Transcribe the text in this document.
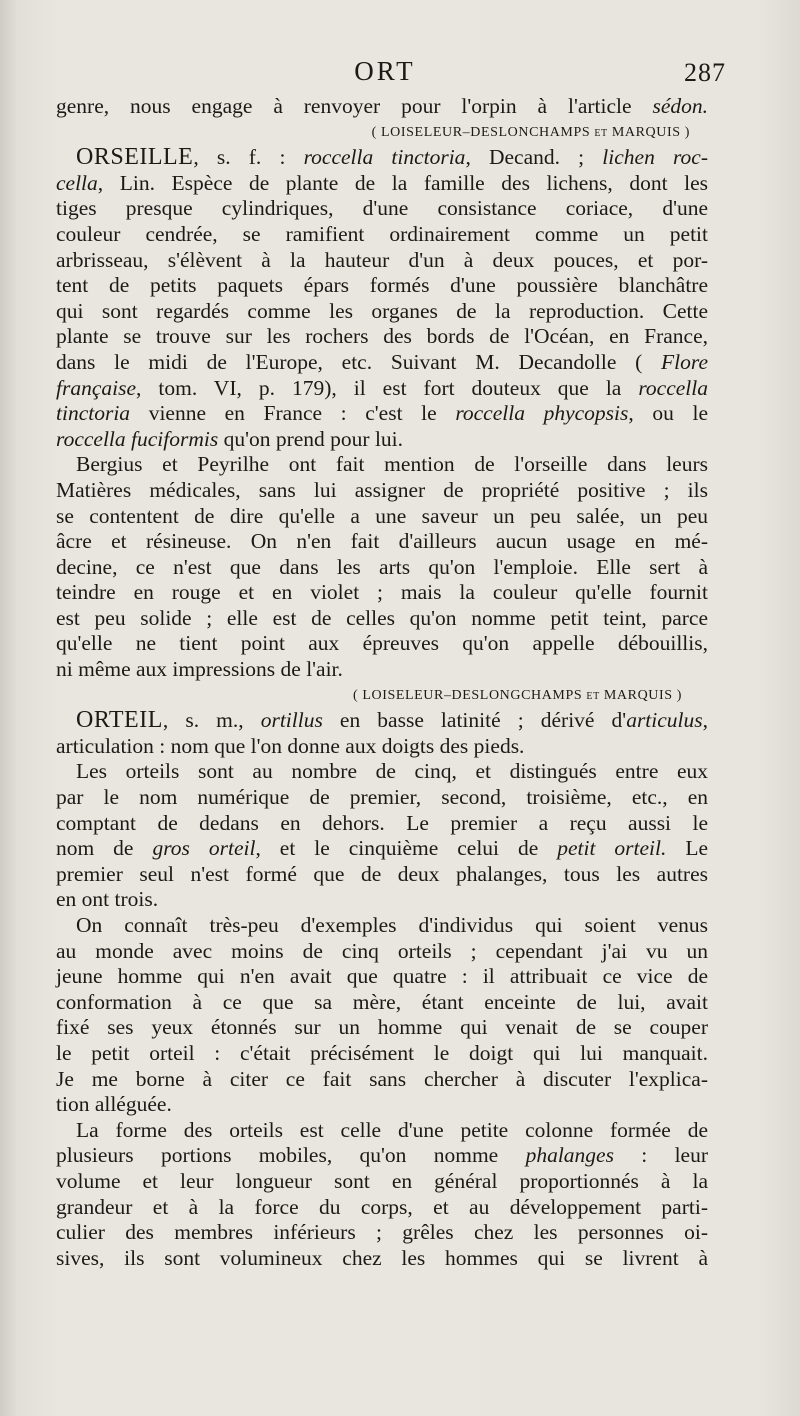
ORT	287
genre, nous engage à renvoyer pour l'orpin à l'article sédon.
( LOISELEUR–DESLONCHAMPS et MARQUIS )
ORSEILLE, s. f. : roccella tinctoria, Decand. ; lichen roc-
cella, Lin. Espèce de plante de la famille des lichens, dont les
tiges presque cylindriques, d'une consistance coriace, d'une
couleur cendrée, se ramifient ordinairement comme un petit
arbrisseau, s'élèvent à la hauteur d'un à deux pouces, et por-
tent de petits paquets épars formés d'une poussière blanchâtre
qui sont regardés comme les organes de la reproduction. Cette
plante se trouve sur les rochers des bords de l'Océan, en France,
dans le midi de l'Europe, etc. Suivant M. Decandolle ( Flore
française, tom. VI, p. 179), il est fort douteux que la roccella
tinctoria vienne en France : c'est le roccella phycopsis, ou le
roccella fuciformis qu'on prend pour lui.
Bergius et Peyrilhe ont fait mention de l'orseille dans leurs
Matières médicales, sans lui assigner de propriété positive ; ils
se contentent de dire qu'elle a une saveur un peu salée, un peu
âcre et résineuse. On n'en fait d'ailleurs aucun usage en mé-
decine, ce n'est que dans les arts qu'on l'emploie. Elle sert à
teindre en rouge et en violet ; mais la couleur qu'elle fournit
est peu solide ; elle est de celles qu'on nomme petit teint, parce
qu'elle ne tient point aux épreuves qu'on appelle débouillis,
ni même aux impressions de l'air.
( LOISELEUR–DESLONGCHAMPS et MARQUIS )
ORTEIL, s. m., ortillus en basse latinité ; dérivé d'articulus,
articulation : nom que l'on donne aux doigts des pieds.
Les orteils sont au nombre de cinq, et distingués entre eux
par le nom numérique de premier, second, troisième, etc., en
comptant de dedans en dehors. Le premier a reçu aussi le
nom de gros orteil, et le cinquième celui de petit orteil. Le
premier seul n'est formé que de deux phalanges, tous les autres
en ont trois.
On connaît très-peu d'exemples d'individus qui soient venus
au monde avec moins de cinq orteils ; cependant j'ai vu un
jeune homme qui n'en avait que quatre : il attribuait ce vice de
conformation à ce que sa mère, étant enceinte de lui, avait
fixé ses yeux étonnés sur un homme qui venait de se couper
le petit orteil : c'était précisément le doigt qui lui manquait.
Je me borne à citer ce fait sans chercher à discuter l'explica-
tion alléguée.
La forme des orteils est celle d'une petite colonne formée de
plusieurs portions mobiles, qu'on nomme phalanges : leur
volume et leur longueur sont en général proportionnés à la
grandeur et à la force du corps, et au développement parti-
culier des membres inférieurs ; grêles chez les personnes oi-
sives, ils sont volumineux chez les hommes qui se livrent à
